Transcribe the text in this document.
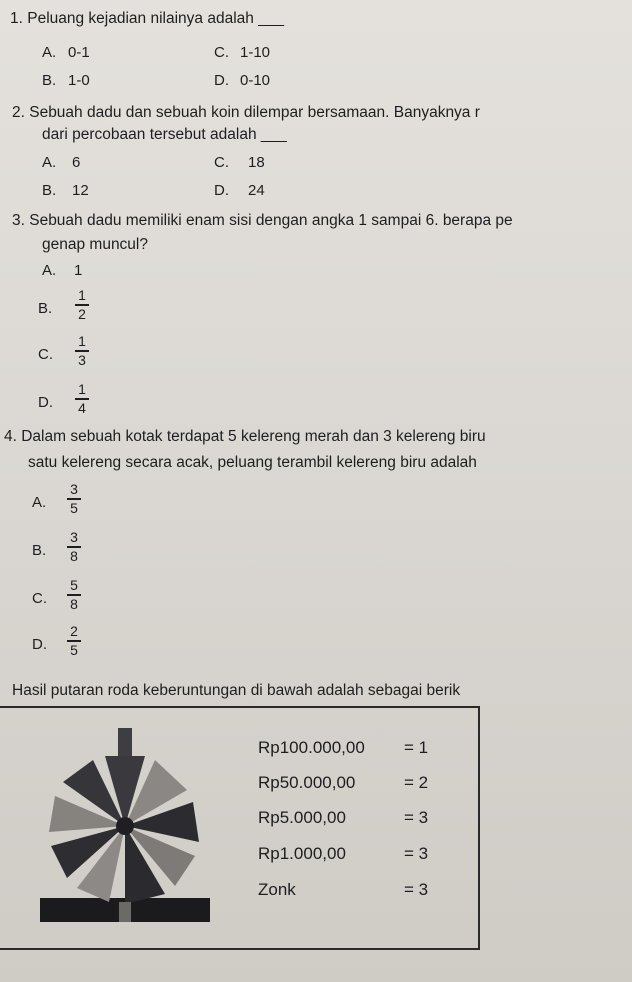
1. Peluang kejadian nilainya adalah ___
A. 0-1	C. 1-10
B. 1-0	D. 0-10
2. Sebuah dadu dan sebuah koin dilempar bersamaan. Banyaknya r
dari percobaan tersebut adalah ___
A. 6	C. 18
B. 12	D. 24
3. Sebuah dadu memiliki enam sisi dengan angka 1 sampai 6. berapa pe
genap muncul?
A. 1
B.
1
2
C.
1
3
D.
1
4
4. Dalam sebuah kotak terdapat 5 kelereng merah dan 3 kelereng biru
satu kelereng secara acak, peluang terambil kelereng biru adalah
A.
3
5
B.
3
8
C.
5
8
D.
2
5
Hasil putaran roda keberuntungan di bawah adalah sebagai berik
Rp100.000,00 = 1
Rp50.000,00	= 2
Rp5.000,00	= 3
Rp1.000,00	= 3
Zonk	= 3
